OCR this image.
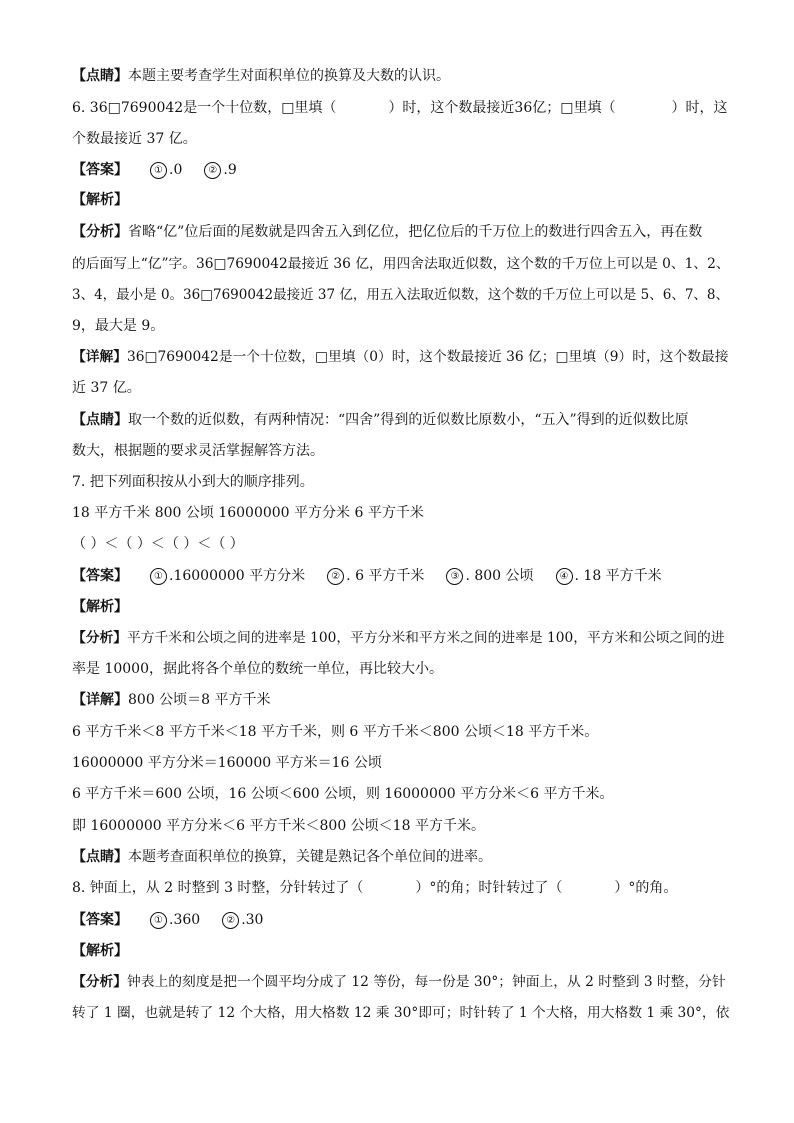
【点睛】本题主要考查学生对面积单位的换算及大数的认识。
6. 36□7690042是一个十位数，□里填（	）时，这个数最接近36亿；□里填（	）时，这
个数最接近 37 亿。
【答案】	① .0	② .9
【解析】
【分析】省略“亿”位后面的尾数就是四舍五入到亿位，把亿位后的千万位上的数进行四舍五入，再在数
的后面写上“亿”字。36□7690042最接近 36 亿，用四舍法取近似数，这个数的千万位上可以是 0、1、2、
3、4，最小是 0。36□7690042最接近 37 亿，用五入法取近似数，这个数的千万位上可以是 5、6、7、8、
9，最大是 9。
【详解】36□7690042是一个十位数，□里填（0）时，这个数最接近 36 亿；□里填（9）时，这个数最接
近 37 亿。
【点睛】取一个数的近似数，有两种情况：“四舍”得到的近似数比原数小，“五入”得到的近似数比原
数大，根据题的要求灵活掌握解答方法。
7. 把下列面积按从小到大的顺序排列。
18 平方千米 800 公顷 16000000 平方分米 6 平方千米
（ ）＜（ ）＜（ ）＜（ ）
【答案】	① .16000000 平方分米	② . 6 平方千米	③ . 800 公顷	④ . 18 平方千米
【解析】
【分析】平方千米和公顷之间的进率是 100，平方分米和平方米之间的进率是 100，平方米和公顷之间的进
率是 10000，据此将各个单位的数统一单位，再比较大小。
【详解】800 公顷＝8 平方千米
6 平方千米＜8 平方千米＜18 平方千米，则 6 平方千米＜800 公顷＜18 平方千米。
16000000 平方分米＝160000 平方米＝16 公顷
6 平方千米＝600 公顷，16 公顷＜600 公顷，则 16000000 平方分米＜6 平方千米。
即 16000000 平方分米＜6 平方千米＜800 公顷＜18 平方千米。
【点睛】本题考查面积单位的换算，关键是熟记各个单位间的进率。
8. 钟面上，从 2 时整到 3 时整，分针转过了（	）°的角；时针转过了（	）°的角。
【答案】	① .360	② .30
【解析】
【分析】钟表上的刻度是把一个圆平均分成了 12 等份，每一份是 30°；钟面上，从 2 时整到 3 时整，分针
转了 1 圈，也就是转了 12 个大格，用大格数 12 乘 30°即可；时针转了 1 个大格，用大格数 1 乘 30°，依
